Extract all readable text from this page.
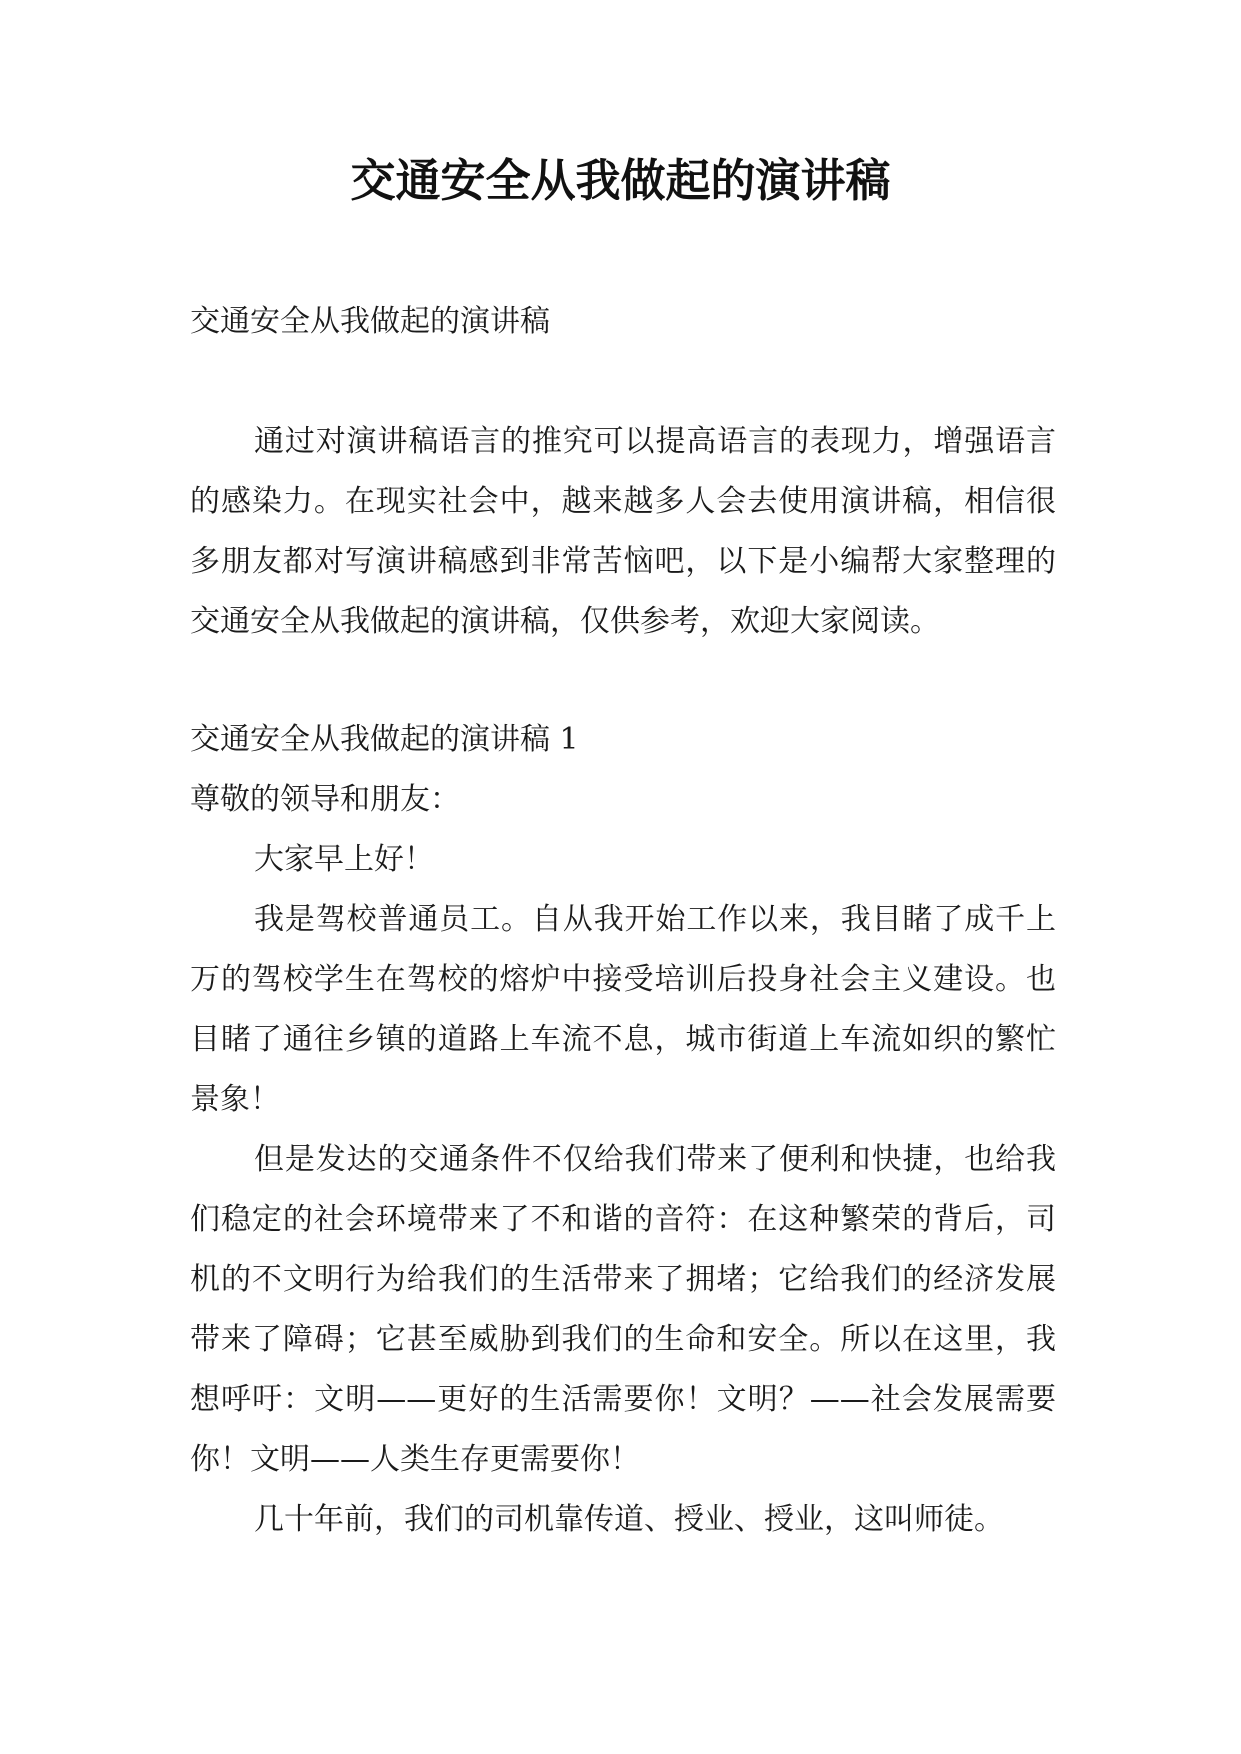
交通安全从我做起的演讲稿

交通安全从我做起的演讲稿

通过对演讲稿语言的推究可以提高语言的表现力，增强语言的感染力。在现实社会中，越来越多人会去使用演讲稿，相信很多朋友都对写演讲稿感到非常苦恼吧，以下是小编帮大家整理的交通安全从我做起的演讲稿，仅供参考，欢迎大家阅读。

交通安全从我做起的演讲稿 1

尊敬的领导和朋友：

大家早上好！

我是驾校普通员工。自从我开始工作以来，我目睹了成千上万的驾校学生在驾校的熔炉中接受培训后投身社会主义建设。也目睹了通往乡镇的道路上车流不息，城市街道上车流如织的繁忙景象！

但是发达的交通条件不仅给我们带来了便利和快捷，也给我们稳定的社会环境带来了不和谐的音符：在这种繁荣的背后，司机的不文明行为给我们的生活带来了拥堵；它给我们的经济发展带来了障碍；它甚至威胁到我们的生命和安全。所以在这里，我想呼吁：文明——更好的生活需要你！文明？——社会发展需要你！文明——人类生存更需要你！

几十年前，我们的司机靠传道、授业、授业，这叫师徒。
